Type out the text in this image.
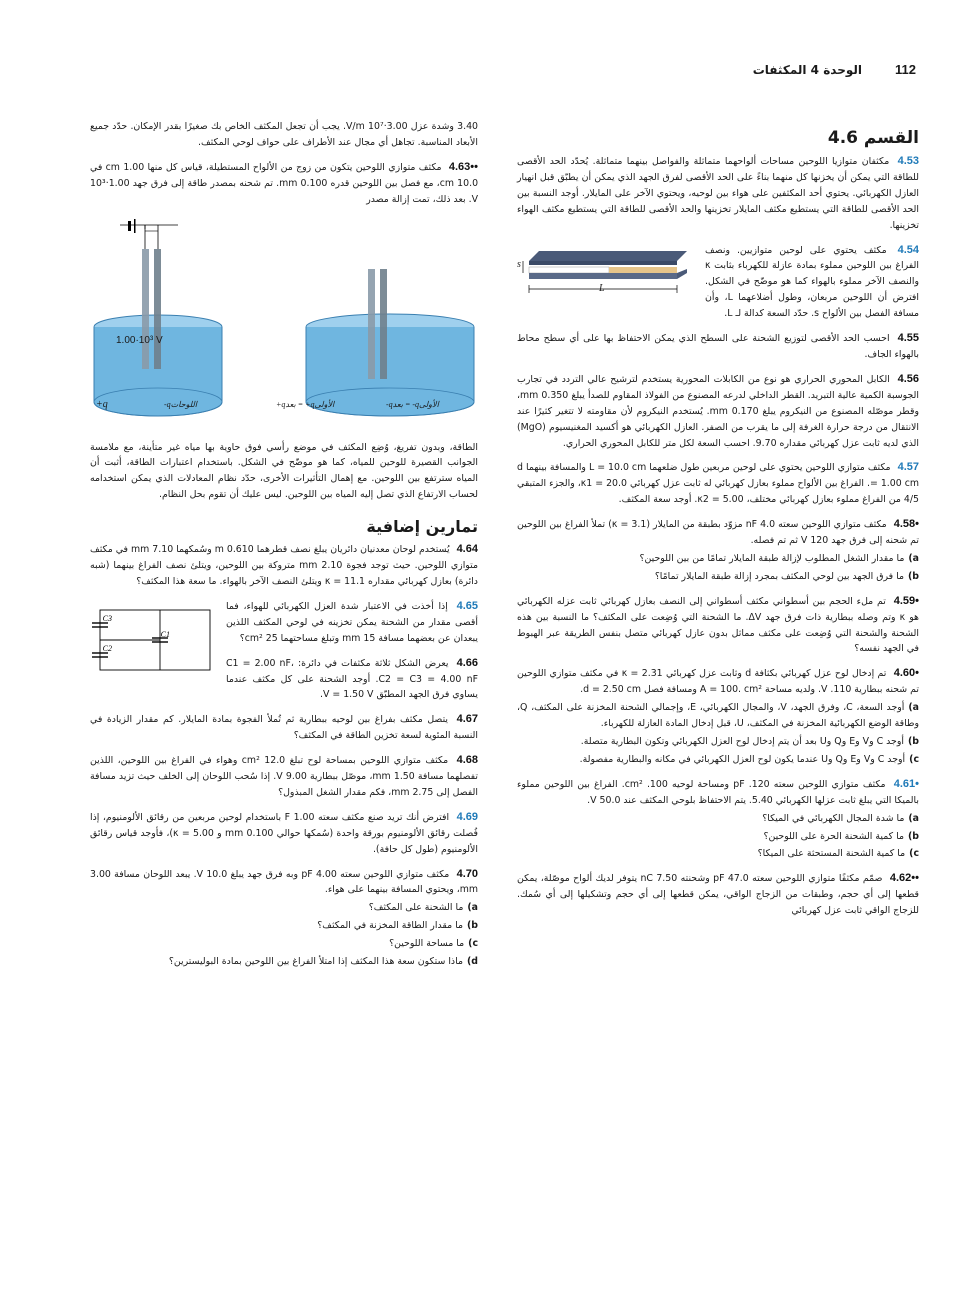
112
الوحدة 4 المكثفات
القسم 4.6
4.53 مكثفان متوازيا اللوحين مساحات ألواحهما متماثلة والفواصل بينهما متماثلة. يُحدّد الحد الأقصى للطاقة التي يمكن أن يخزنها كل منهما بناءً على الحد الأقصى لفرق الجهد الذي يمكن أن يطبّق قبل انهيار العازل الكهربائي. يحتوي أحد المكثفين على هواء بين لوحيه، ويحتوي الآخر على المايلار. أوجد النسبة بين الحد الأقصى للطاقة التي يستطيع مكثف المايلار تخزينها والحد الأقصى للطاقة التي يستطيع مكثف الهواء تخزينها.
s
L
4.54 مكثف يحتوي على لوحين متوازيين. ونصف الفراغ بين اللوحين مملوء بمادة عازلة للكهرباء بثابت κ والنصف الآخر مملوء بالهواء كما هو موضّح في الشكل. افترض أن اللوحين مربعان، وطول أضلاعهما L، وأن مسافة الفصل بين الألواح s. حدّد السعة كدالة لـ L.
4.55 احسب الحد الأقصى لتوزيع الشحنة على السطح الذي يمكن الاحتفاظ بها على أي سطح محاط بالهواء الجاف.
4.56 الكابل المحوري الحراري هو نوع من الكابلات المحورية يستخدم لترشيح عالي التردد في تجارب الجوسبة الكمية عالية التبريد. القطر الداخلي لدرعه المصنوع من الفولاذ المقاوم للصدأ يبلغ 0.350 mm، وقطر موصّله المصنوع من النيكروم يبلغ 0.170 mm. يُستخدم النيكروم لأن مقاومته لا تتغير كثيرًا عند الانتقال من درجة حرارة الغرفة إلى ما يقرب من الصفر. العازل الكهربائي هو أكسيد المغنيسيوم (MgO) الذي لديه ثابت عزل كهربائي مقداره 9.70. احسب السعة لكل متر للكابل المحوري الحراري.
4.57 مكثف متوازي اللوحين يحتوي على لوحين مربعين طول ضلعهما L = 10.0 cm والمسافة بينهما d = 1.00 cm. الفراغ بين الألواح مملوء بعازل كهربائي له ثابت عزل كهربائي κ1 = 20.0، والجزء المتبقي 4/5 من الفراغ مملوء بعازل كهربائي مختلف، κ2 = 5.00. أوجد سعة المكثف.
•4.58 مكثف متوازي اللوحين سعته 4.0 nF مزوّد بطبقة من المايلار (κ = 3.1) تملأ الفراغ بين اللوحين تم شحنه إلى فرق جهد 120 V ثم تم فصله.
a)ما مقدار الشغل المطلوب لإزالة طبقة المايلار تمامًا من بين اللوحين؟
b)ما فرق الجهد بين لوحي المكثف بمجرد إزالة طبقة المايلار تمامًا؟
•4.59 تم ملء الحجم بين أسطواني مكثف أسطواني إلى النصف بعازل كهربائي ثابت عزله الكهربائي هو κ وتم وصله ببطارية ذات فرق جهد ΔV. ما الشحنة التي وُضِعت على المكثف؟ ما النسبة بين هذه الشحنة والشحنة التي وُضِعت على مكثف مماثل بدون عازل كهربائي متصل بنفس الطريقة عبر الهبوط في الجهد نفسه؟
•4.60 تم إدخال لوح عزل كهربائي بكثافة d وثابت عزل كهربائي κ = 2.31 في مكثف متوازي اللوحين تم شحنه ببطارية 110. V. ولديه مساحة A = 100. cm² ومسافة فصل d = 2.50 cm.
a)أوجد السعة، C، وفرق الجهد، V، والمجال الكهربائي، E، وإجمالي الشحنة المخزنة على المكثف، Q، وطاقة الوضع الكهربائية المخزنة في المكثف، U، قبل إدخال المادة العازلة للكهرباء.
b)أوجد C وV وE وQ وU بعد أن يتم إدخال لوح العزل الكهربائي وتكون البطارية متصلة.
c)أوجد C وV وE وQ وU عندما يكون لوح العزل الكهربائي في مكانه والبطارية مفصولة.
•4.61 مكثف متوازي اللوحين سعته 120. pF ومساحة لوحيه 100. cm². الفراغ بين اللوحين مملوء بالميكا التي يبلغ ثابت عزلها الكهربائي 5.40. يتم الاحتفاظ بلوحي المكثف عند 50.0 V.
a)ما شدة المجال الكهربائي في الميكا؟
b)ما كمية الشحنة الحرة على اللوحين؟
c)ما كمية الشحنة المستحثة على الميكا؟
••4.62 صمّم مكثفًا متوازي اللوحين سعته 47.0 pF وشحنته 7.50 nC يتوفر لديك ألواح موصّلة، يمكن قطعها إلى أي حجم، وطبقات من الزجاج الواقي، يمكن قطعها إلى أي حجم وتشكيلها إلى أي سُمك. للزجاج الواقي ثابت عزل كهربائي
3.40 وشدة عزل 3.00·10⁷ V/m. يجب أن تجعل المكثف الخاص بك صغيرًا بقدر الإمكان. حدّد جميع الأبعاد المناسبة. تجاهل أي مجال عند الأطراف على حواف لوحي المكثف.
••4.63 مكثف متوازي اللوحين يتكون من زوج من الألواح المستطيلة، قياس كل منها 1.00 cm في 10.0 cm، مع فصل بين اللوحين قدره 0.100 mm. تم شحنه بمصدر طاقة إلى فرق جهد 1.00·10³ V. بعد ذلك، تمت إزالة مصدر
1.00·10³ V
+q	-qاللوحات	+qبعد = +qالأولى	-qبعد = -qالأولى
الطاقة، وبدون تفريغ، وُضِع المكثف في موضع رأسي فوق حاوية بها مياه غير متأينة، مع ملامسة الجوانب القصيرة للوحين للمياه، كما هو موضّح في الشكل. باستخدام اعتبارات الطاقة، أثبت أن المياه سترتفع بين اللوحين. مع إهمال التأثيرات الأخرى، حدّد نظام المعادلات الذي يمكن استخدامه لحساب الارتفاع الذي تصل إليه المياه بين اللوحين. ليس عليك أن تقوم بحل النظام.
تمارين إضافية
4.64 يُستخدم لوحان معدنيان دائريان يبلغ نصف قطرهما 0.610 m وسُمكهما 7.10 mm في مكثف متوازي اللوحين. حيث توجد فجوة 2.10 mm متروكة بين اللوحين، ويتلئ نصف الفراغ بينهما (شبه دائرة) بعازل كهربائي مقداره κ = 11.1 ويتلئ النصف الآخر بالهواء. ما سعة هذا المكثف؟
C3
C2
C1
4.65 إذا أخذت في الاعتبار شدة العزل الكهربائي للهواء، فما أقصى مقدار من الشحنة يمكن تخزينه في لوحي المكثف اللذين يبعدان عن بعضهما مسافة 15 mm وتبلغ مساحتهما 25 cm²؟
4.66 يعرض الشكل ثلاثة مكثفات في دائرة: C1 = 2.00 nF، C2 = C3 = 4.00 nF. أوجد الشحنة على كل مكثف عندما يساوي فرق الجهد المطبّق V = 1.50 V.
4.67 يتصل مكثف بفراغ بين لوحيه ببطارية ثم تُملأ الفجوة بمادة المايلار. كم مقدار الزيادة في النسبة المئوية لسعة تخزين الطاقة في المكثف؟
4.68 مكثف متوازي اللوحين بمساحة لوح تبلغ 12.0 cm² وهواء في الفراغ بين اللوحين، اللذين تفصلهما مسافة 1.50 mm، موصّل ببطارية 9.00 V. إذا سُحب اللوحان إلى الخلف حيث تزيد مسافة الفصل إلى 2.75 mm، فكم مقدار الشغل المبذول؟
4.69 افترض أنك تريد صنع مكثف سعته 1.00 F باستخدام لوحين مربعين من رقائق الألومنيوم، إذا فُصلت رقائق الألومنيوم بورقة واحدة (سُمكها حوالي 0.100 mm و κ = 5.00)، فأوجد قياس رقائق الألومنيوم (طول كل حافة).
4.70 مكثف متوازي اللوحين سعته 4.00 pF وبه فرق جهد يبلغ 10.0 V. يبعد اللوحان مسافة 3.00 mm، ويحتوي المسافة بينهما على هواء.
a)ما الشحنة على المكثف؟
b)ما مقدار الطاقة المخزنة في المكثف؟
c)ما مساحة اللوحين؟
d)ماذا ستكون سعة هذا المكثف إذا امتلأ الفراغ بين اللوحين بمادة البوليسترين؟
